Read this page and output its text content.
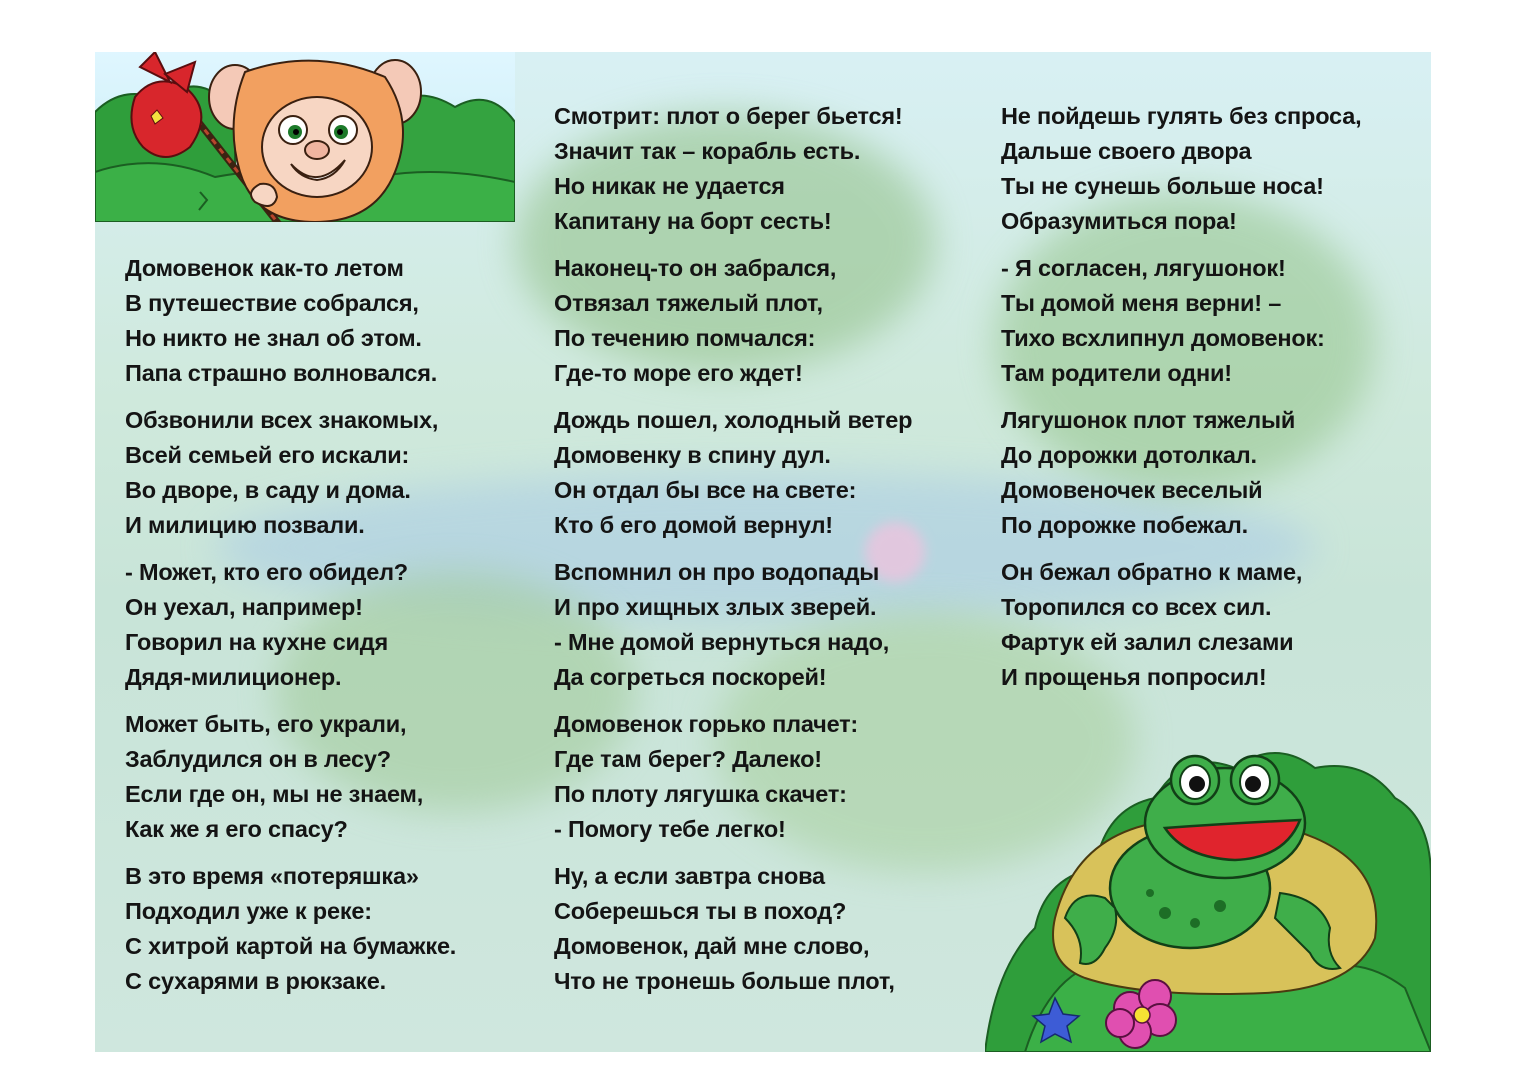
Домовенок как-то летом
В путешествие собрался,
Но никто не знал об этом.
Папа страшно волновался.
Обзвонили всех знакомых,
Всей семьей его искали:
Во дворе, в саду и дома.
И милицию позвали.
- Может, кто его обидел?
Он уехал, например!
Говорил на кухне сидя
Дядя-милиционер.
Может быть, его украли,
Заблудился он в лесу?
Если где он, мы не знаем,
Как же я его спасу?
В это время «потеряшка»
Подходил уже к реке:
С хитрой картой на бумажке.
С сухарями в рюкзаке.
Смотрит: плот о берег бьется!
Значит так – корабль есть.
Но никак не удается
Капитану на борт сесть!
Наконец-то он забрался,
Отвязал тяжелый плот,
По течению помчался:
Где-то море его ждет!
Дождь пошел, холодный ветер
Домовенку в спину дул.
Он отдал бы все на свете:
Кто б его домой вернул!
Вспомнил он про водопады
И про хищных злых зверей.
- Мне домой вернуться надо,
Да согреться поскорей!
Домовенок горько плачет:
Где там берег? Далеко!
По плоту лягушка скачет:
- Помогу тебе легко!
Ну, а если завтра снова
Соберешься ты в поход?
Домовенок, дай мне слово,
Что не тронешь больше плот,
Не пойдешь гулять без спроса,
Дальше своего двора
Ты не сунешь больше носа!
Образумиться пора!
- Я согласен, лягушонок!
Ты домой меня верни! –
Тихо всхлипнул домовенок:
Там родители одни!
Лягушонок плот тяжелый
До дорожки дотолкал.
Домовеночек веселый
По дорожке побежал.
Он бежал обратно к маме,
Торопился со всех сил.
Фартук ей залил слезами
И прощенья попросил!
